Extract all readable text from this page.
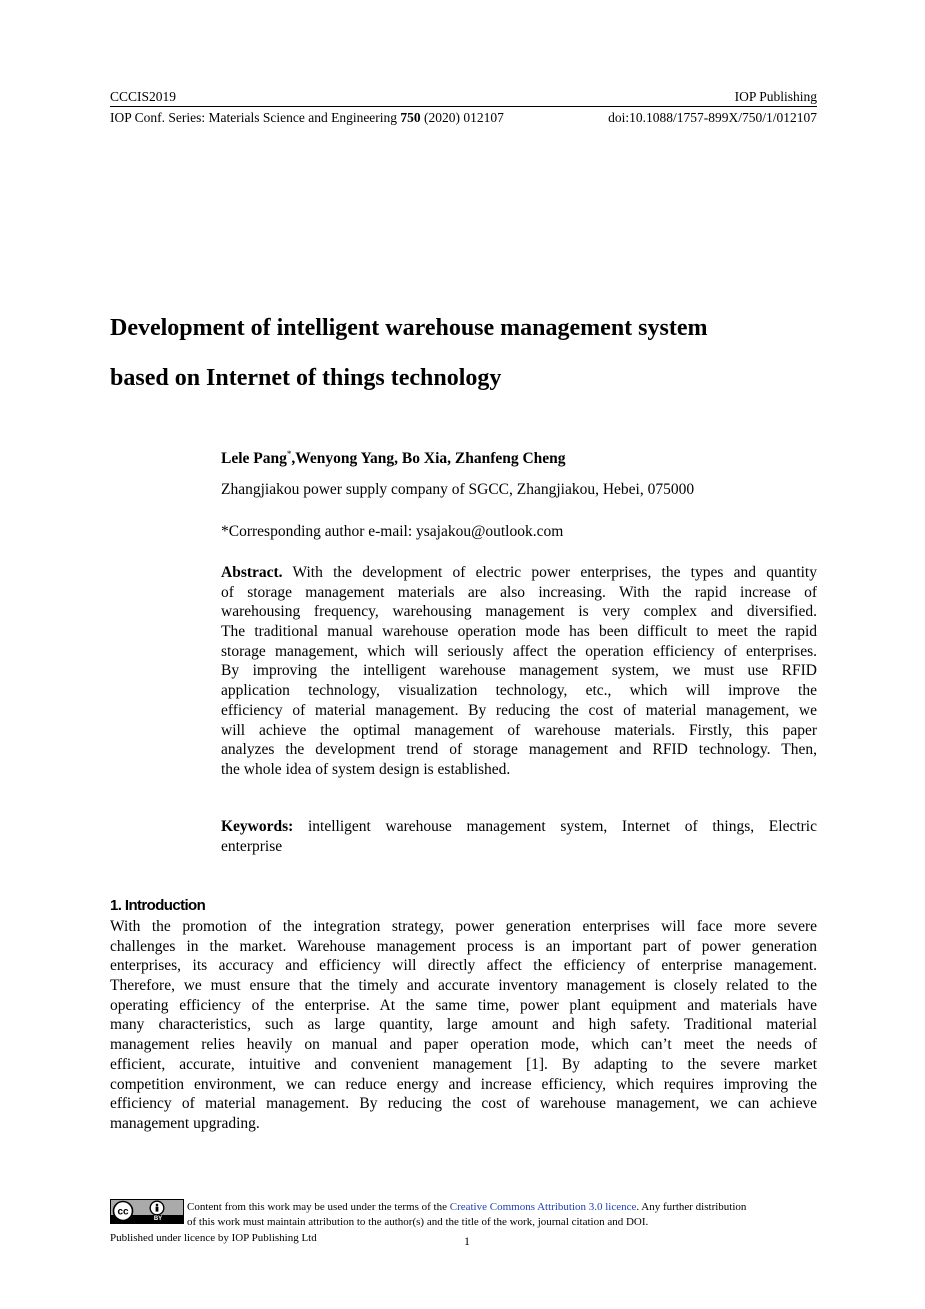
CCCIS2019	IOP Publishing
IOP Conf. Series: Materials Science and Engineering 750 (2020) 012107	doi:10.1088/1757-899X/750/1/012107
Development of intelligent warehouse management system
based on Internet of things technology
Lele Pang*,Wenyong Yang, Bo Xia, Zhanfeng Cheng
Zhangjiakou power supply company of SGCC, Zhangjiakou, Hebei, 075000
*Corresponding author e-mail: ysajakou@outlook.com
Abstract. With the development of electric power enterprises, the types and quantity
of storage management materials are also increasing. With the rapid increase of
warehousing frequency, warehousing management is very complex and diversified.
The traditional manual warehouse operation mode has been difficult to meet the rapid
storage management, which will seriously affect the operation efficiency of enterprises.
By improving the intelligent warehouse management system, we must use RFID
application technology, visualization technology, etc., which will improve the
efficiency of material management. By reducing the cost of material management, we
will achieve the optimal management of warehouse materials. Firstly, this paper
analyzes the development trend of storage management and RFID technology. Then,
the whole idea of system design is established.
Keywords: intelligent warehouse management system, Internet of things, Electric
enterprise
1. Introduction
With the promotion of the integration strategy, power generation enterprises will face more severe
challenges in the market. Warehouse management process is an important part of power generation
enterprises, its accuracy and efficiency will directly affect the efficiency of enterprise management.
Therefore, we must ensure that the timely and accurate inventory management is closely related to the
operating efficiency of the enterprise. At the same time, power plant equipment and materials have
many characteristics, such as large quantity, large amount and high safety. Traditional material
management relies heavily on manual and paper operation mode, which can’t meet the needs of
efficient, accurate, intuitive and convenient management [1]. By adapting to the severe market
competition environment, we can reduce energy and increase efficiency, which requires improving the
efficiency of material management. By reducing the cost of warehouse management, we can achieve
management upgrading.
cc
BY
Content from this work may be used under the terms of the Creative Commons Attribution 3.0 licence. Any further distribution
of this work must maintain attribution to the author(s) and the title of the work, journal citation and DOI.
Published under licence by IOP Publishing Ltd	1
